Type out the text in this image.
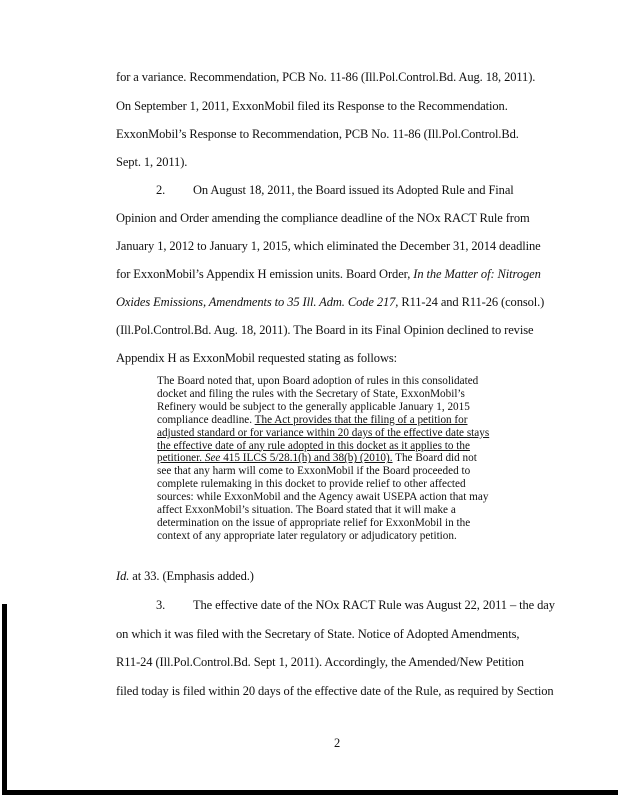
for a variance. Recommendation, PCB No. 11-86 (Ill.Pol.Control.Bd. Aug. 18, 2011).
On September 1, 2011, ExxonMobil filed its Response to the Recommendation.
ExxonMobil’s Response to Recommendation, PCB No. 11-86 (Ill.Pol.Control.Bd.
Sept. 1, 2011).
2. On August 18, 2011, the Board issued its Adopted Rule and Final
Opinion and Order amending the compliance deadline of the NOx RACT Rule from
January 1, 2012 to January 1, 2015, which eliminated the December 31, 2014 deadline
for ExxonMobil’s Appendix H emission units. Board Order, In the Matter of: Nitrogen
Oxides Emissions, Amendments to 35 Ill. Adm. Code 217, R11-24 and R11-26 (consol.)
(Ill.Pol.Control.Bd. Aug. 18, 2011). The Board in its Final Opinion declined to revise
Appendix H as ExxonMobil requested stating as follows:
The Board noted that, upon Board adoption of rules in this consolidated
docket and filing the rules with the Secretary of State, ExxonMobil’s
Refinery would be subject to the generally applicable January 1, 2015
compliance deadline. The Act provides that the filing of a petition for
adjusted standard or for variance within 20 days of the effective date stays
the effective date of any rule adopted in this docket as it applies to the
petitioner. See 415 ILCS 5/28.1(h) and 38(b) (2010). The Board did not
see that any harm will come to ExxonMobil if the Board proceeded to
complete rulemaking in this docket to provide relief to other affected
sources: while ExxonMobil and the Agency await USEPA action that may
affect ExxonMobil’s situation. The Board stated that it will make a
determination on the issue of appropriate relief for ExxonMobil in the
context of any appropriate later regulatory or adjudicatory petition.
Id. at 33. (Emphasis added.)
3. The effective date of the NOx RACT Rule was August 22, 2011 – the day
on which it was filed with the Secretary of State. Notice of Adopted Amendments,
R11-24 (Ill.Pol.Control.Bd. Sept 1, 2011). Accordingly, the Amended/New Petition
filed today is filed within 20 days of the effective date of the Rule, as required by Section
2
